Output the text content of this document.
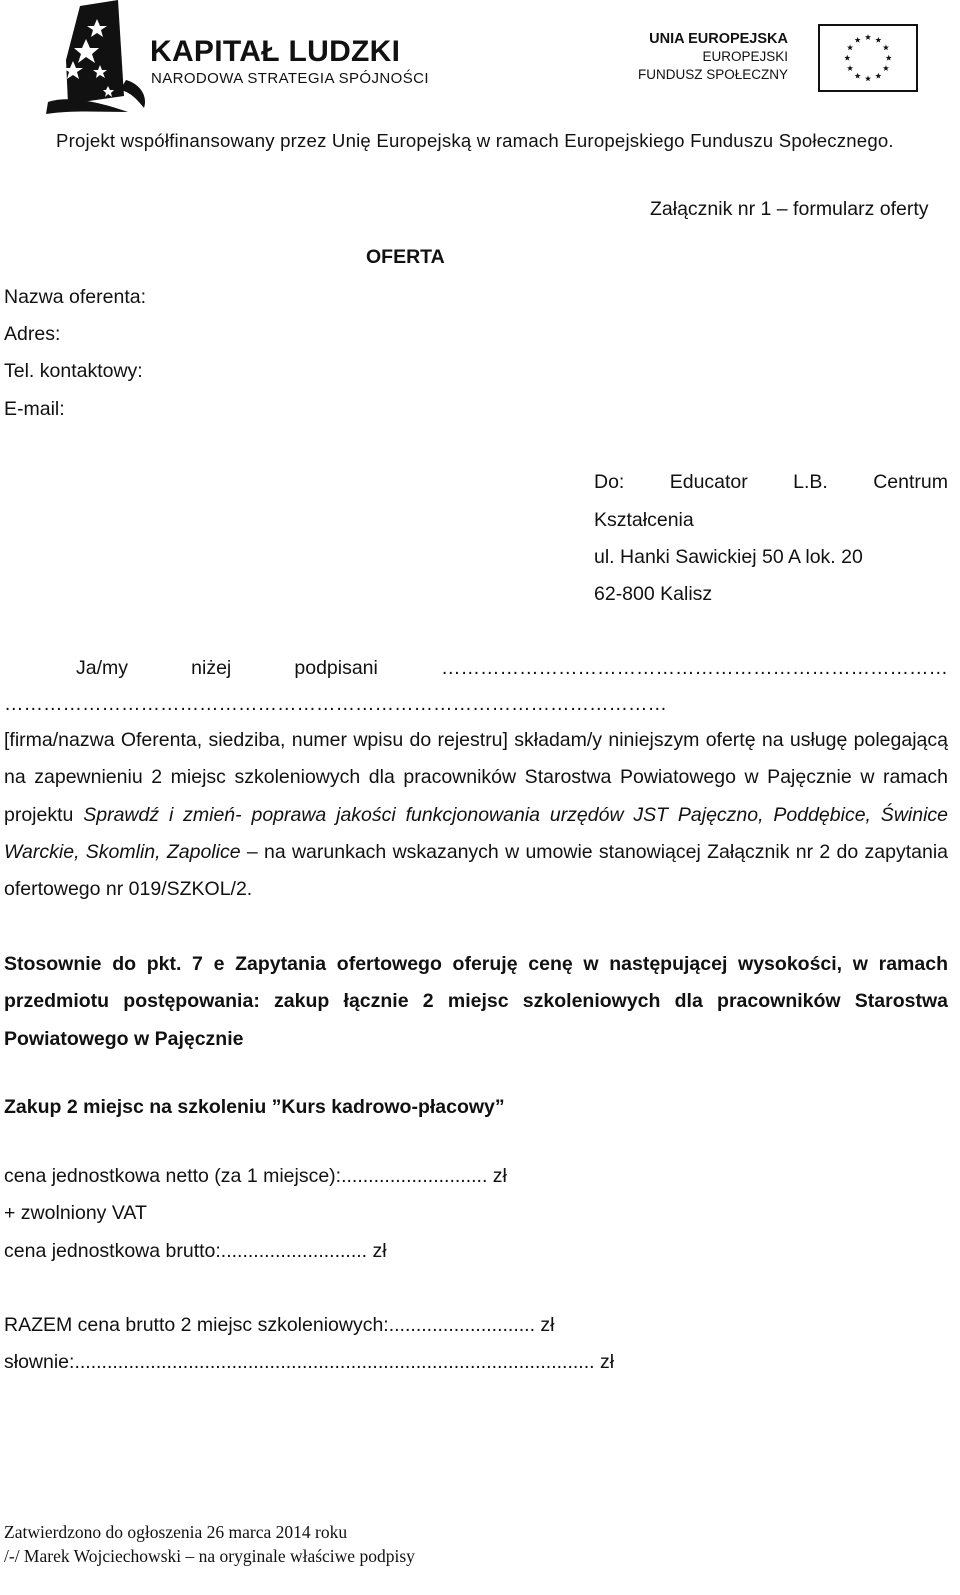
KAPITAŁ LUDZKI
NARODOWA STRATEGIA SPÓJNOŚCI
UNIA EUROPEJSKA
EUROPEJSKI
FUNDUSZ SPOŁECZNY
Projekt współfinansowany przez Unię Europejską w ramach Europejskiego Funduszu Społecznego.
Załącznik nr 1 – formularz oferty
OFERTA
Nazwa oferenta:
Adres:
Tel. kontaktowy:
E-mail:
Do: Educator L.B. Centrum
Kształcenia
ul. Hanki Sawickiej 50 A lok. 20
62-800 Kalisz
Ja/my	niżej	podpisani	……………………………………………………………………
…………………………………………………………………………………………

[firma/nazwa Oferenta, siedziba, numer wpisu do rejestru] składam/y niniejszym ofertę na usługę polegającą na zapewnieniu 2 miejsc szkoleniowych dla pracowników Starostwa Powiatowego w Pajęcznie w ramach projektu Sprawdź i zmień- poprawa jakości funkcjonowania urzędów JST Pajęczno, Poddębice, Świnice Warckie, Skomlin, Zapolice – na warunkach wskazanych w umowie stanowiącej Załącznik nr 2 do zapytania ofertowego nr 019/SZKOL/2.

Stosownie do pkt. 7 e Zapytania ofertowego oferuję cenę w następującej wysokości, w ramach przedmiotu postępowania: zakup łącznie 2 miejsc szkoleniowych dla pracowników Starostwa Powiatowego w Pajęcznie

Zakup 2 miejsc na szkoleniu ”Kurs kadrowo-płacowy”
cena jednostkowa netto (za 1 miejsce):........................... zł
+ zwolniony VAT
cena jednostkowa brutto:........................... zł
RAZEM cena brutto 2 miejsc szkoleniowych:........................... zł
słownie:................................................................................................ zł
Zatwierdzono do ogłoszenia 26 marca 2014 roku
/-/ Marek Wojciechowski – na oryginale właściwe podpisy
